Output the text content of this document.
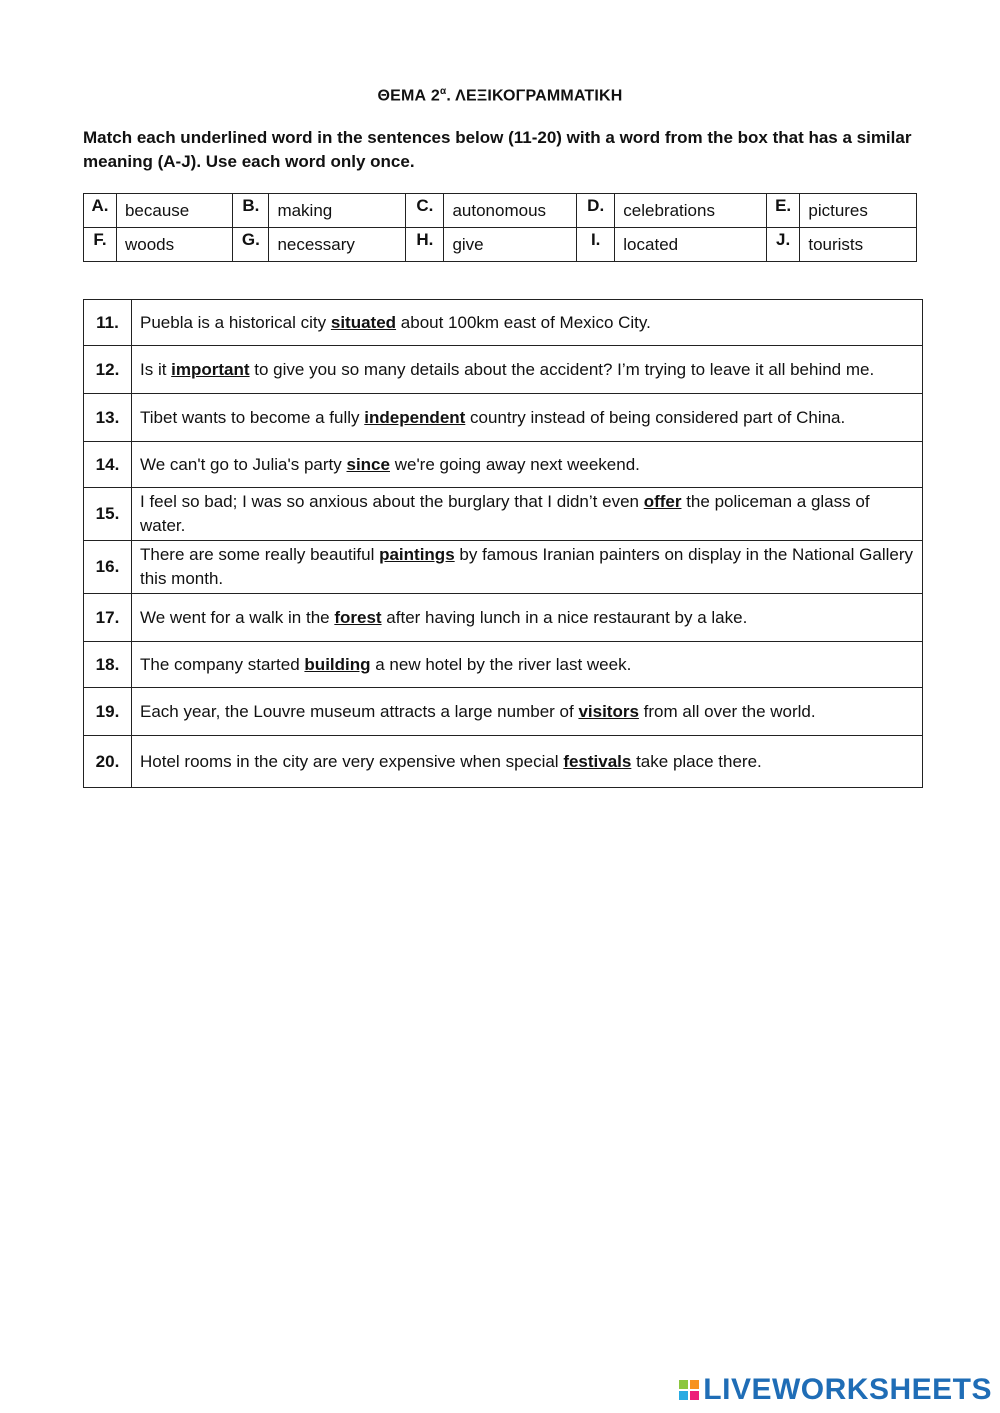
ΘΕΜΑ $2^\alpha$. ΛΕΞΙΚΟΓΡΑΜΜΑΤΙΚΗ
Match each underlined word in the sentences below (11-20) with a word from the box that has a similar meaning (A-J). Use each word only once.
A.	because	B.	making	C.	autonomous	D.	celebrations	E.	pictures
F.	woods	G.	necessary	H.	give	I.	located	J.	tourists
11.	Puebla is a historical city situated about 100km east of Mexico City.
12.	Is it important to give you so many details about the accident? I’m trying to leave it all behind me.
13.	Tibet wants to become a fully independent country instead of being considered part of China.
14.	We can't go to Julia's party since we're going away next weekend.
15.	I feel so bad; I was so anxious about the burglary that I didn’t even offer the policeman a glass of water.
16.	There are some really beautiful paintings by famous Iranian painters on display in the National Gallery this month.
17.	We went for a walk in the forest after having lunch in a nice restaurant by a lake.
18.	The company started building a new hotel by the river last week.
19.	Each year, the Louvre museum attracts a large number of visitors from all over the world.
20.	Hotel rooms in the city are very expensive when special festivals take place there.
LIVEWORKSHEETS
